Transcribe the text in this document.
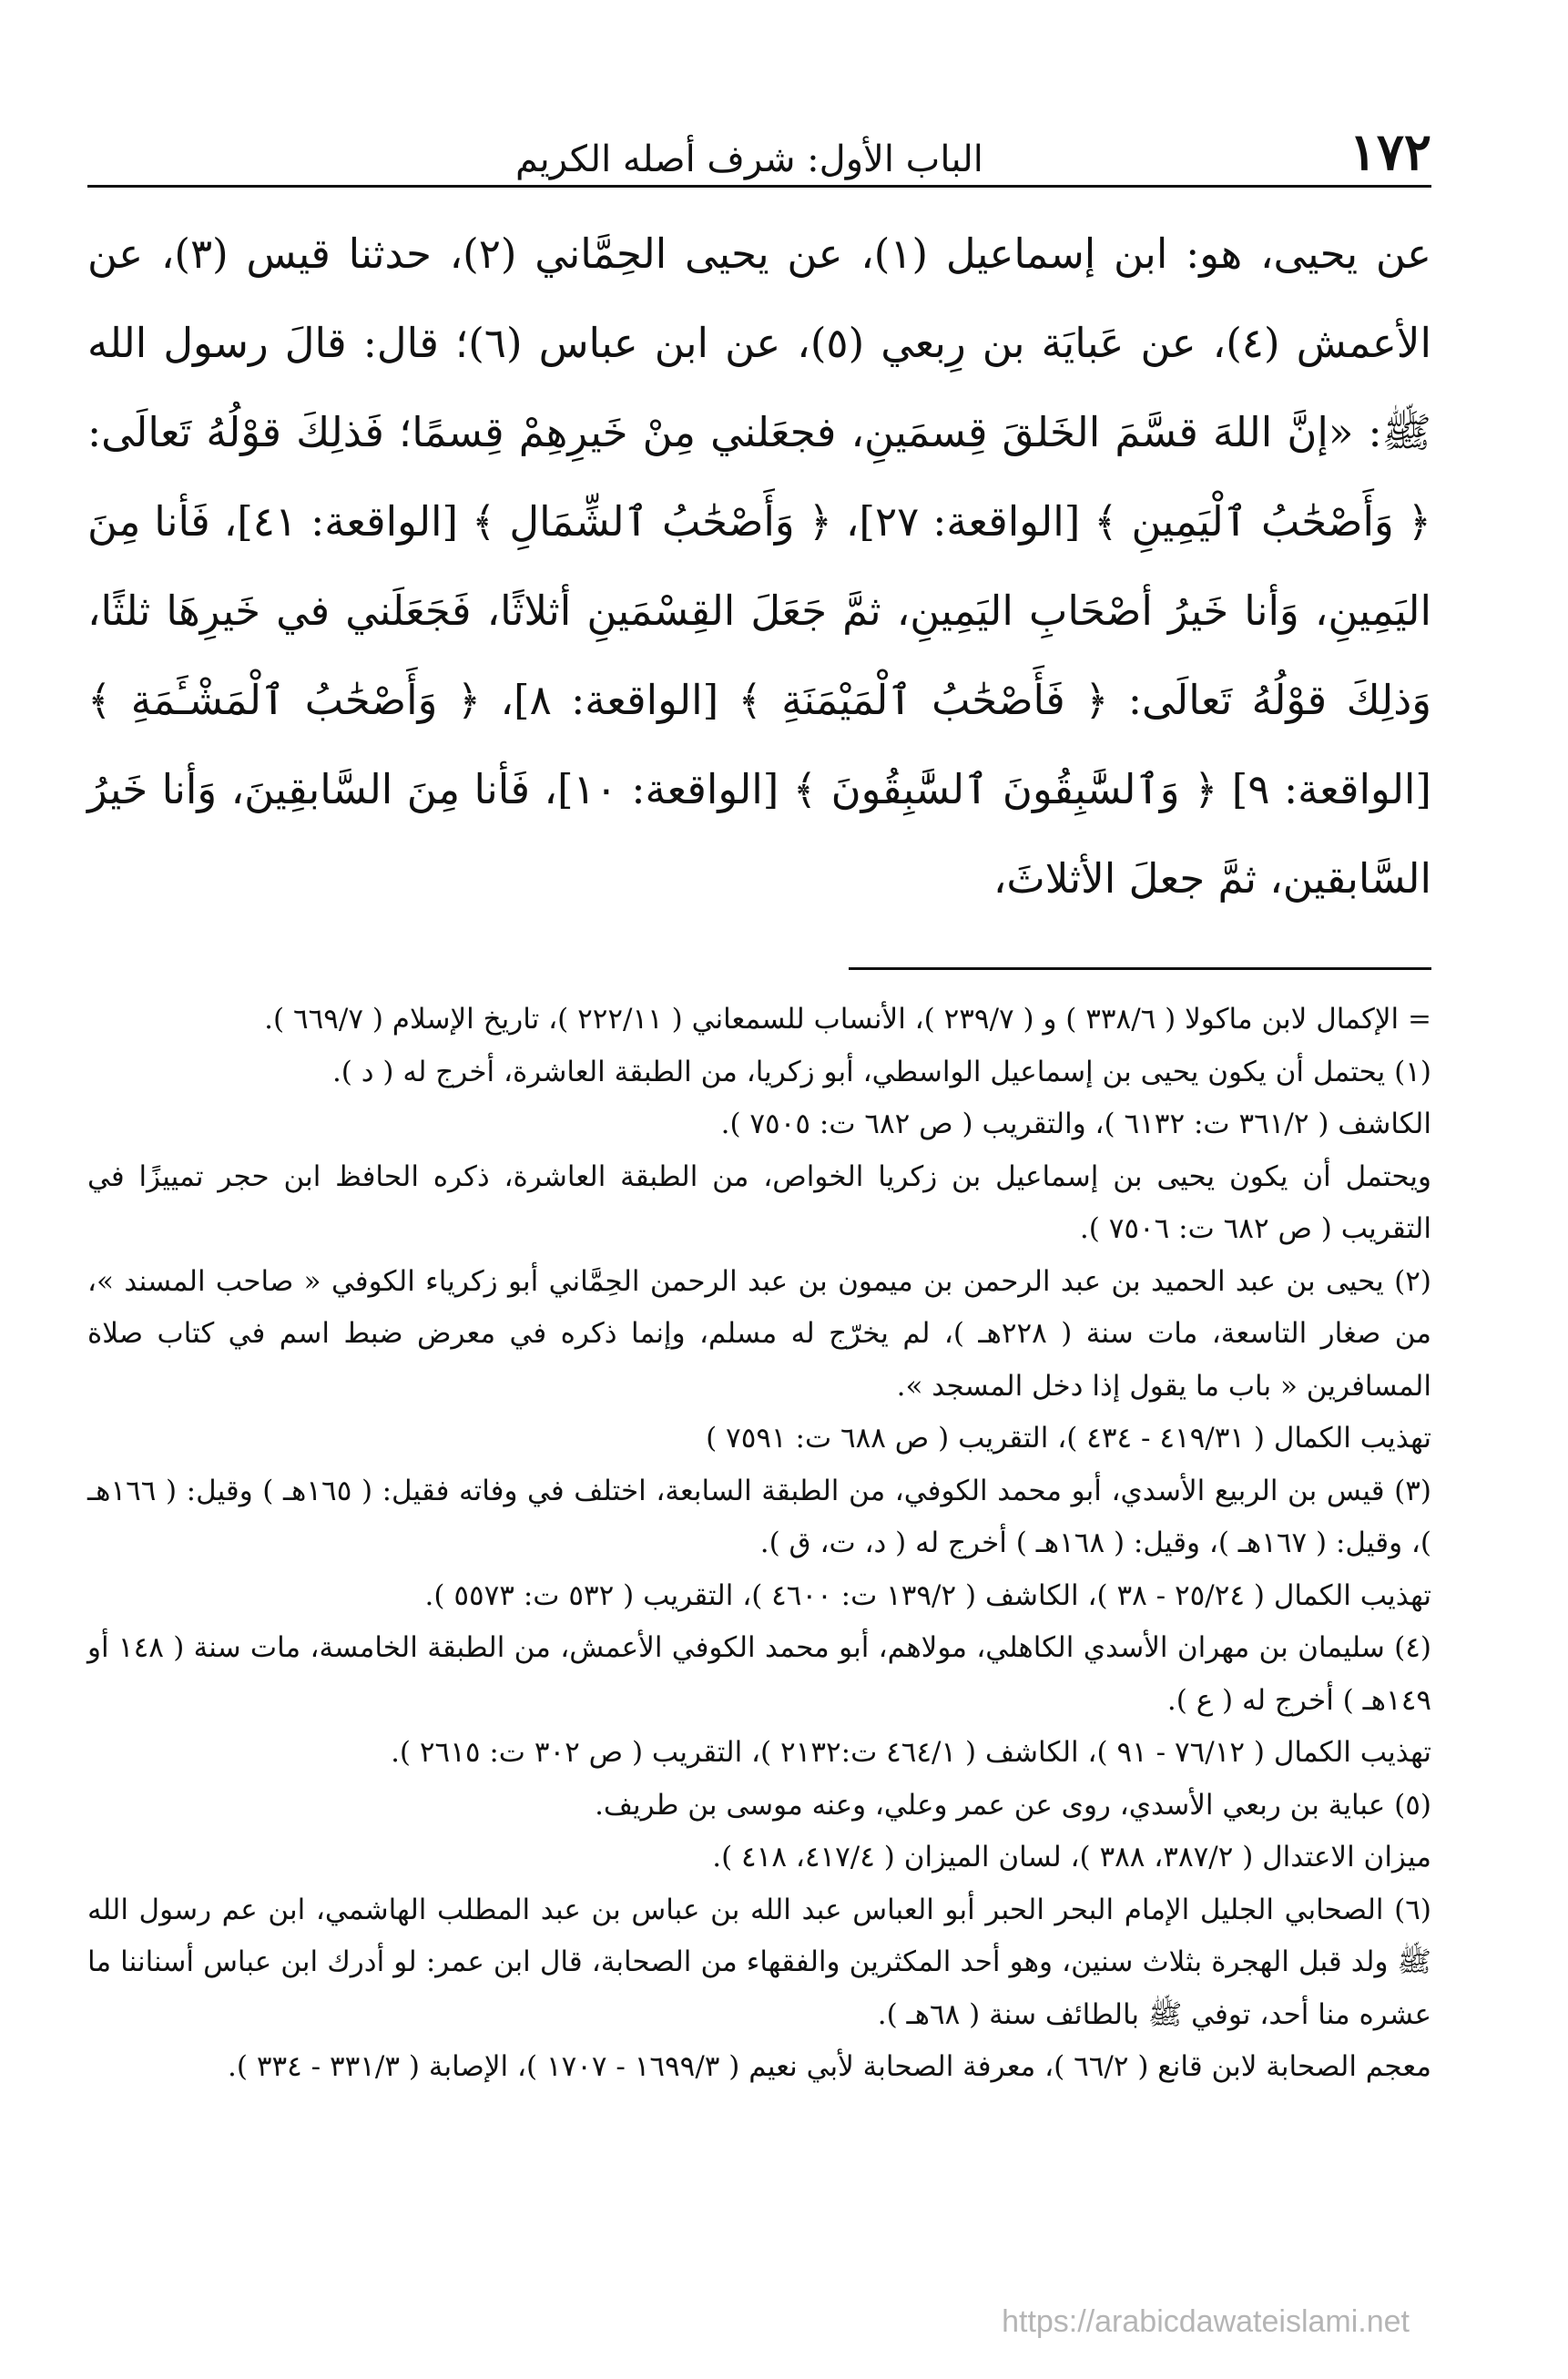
١٧٢
الباب الأول: شرف أصله الكريم
عن يحيى، هو: ابن إسماعيل (١)، عن يحيى الحِمَّاني (٢)، حدثنا قيس (٣)، عن الأعمش (٤)، عن عَبايَة بن رِبعي (٥)، عن ابن عباس (٦)؛ قال: قالَ رسول الله ﷺ: «إنَّ اللهَ قسَّمَ الخَلقَ قِسمَينِ، فجعَلني مِنْ خَيرِهِمْ قِسمًا؛ فَذلِكَ قوْلُهُ تَعالَى: ﴿ وَأَصْحَٰبُ ٱلْيَمِينِ ﴾ [الواقعة: ٢٧]، ﴿ وَأَصْحَٰبُ ٱلشِّمَالِ ﴾ [الواقعة: ٤١]، فَأنا مِنَ اليَمِينِ، وَأنا خَيرُ أصْحَابِ اليَمِينِ، ثمَّ جَعَلَ القِسْمَينِ أثلاثًا، فَجَعَلَني في خَيرِهَا ثلثًا، وَذلِكَ قوْلُهُ تَعالَى: ﴿ فَأَصْحَٰبُ ٱلْمَيْمَنَةِ ﴾ [الواقعة: ٨]، ﴿ وَأَصْحَٰبُ ٱلْمَشْـَٔمَةِ ﴾ [الواقعة: ٩] ﴿ وَٱلسَّٰبِقُونَ ٱلسَّٰبِقُونَ ﴾ [الواقعة: ١٠]، فَأنا مِنَ السَّابقِينَ، وَأنا خَيرُ السَّابقين، ثمَّ جعلَ الأثلاثَ،

= الإكمال لابن ماكولا ( ٣٣٨/٦ ) و ( ٢٣٩/٧ )، الأنساب للسمعاني ( ٢٢٢/١١ )، تاريخ الإسلام ( ٦٦٩/٧ ).

(١) يحتمل أن يكون يحيى بن إسماعيل الواسطي، أبو زكريا، من الطبقة العاشرة، أخرج له ( د ).

الكاشف ( ٣٦١/٢ ت: ٦١٣٢ )، والتقريب ( ص ٦٨٢ ت: ٧٥٠٥ ).

ويحتمل أن يكون يحيى بن إسماعيل بن زكريا الخواص، من الطبقة العاشرة، ذكره الحافظ ابن حجر تمييزًا في التقريب ( ص ٦٨٢ ت: ٧٥٠٦ ).

(٢) يحيى بن عبد الحميد بن عبد الرحمن بن ميمون بن عبد الرحمن الحِمَّاني أبو زكرياء الكوفي « صاحب المسند »، من صغار التاسعة، مات سنة ( ٢٢٨هـ )، لم يخرّج له مسلم، وإنما ذكره في معرض ضبط اسم في كتاب صلاة المسافرين « باب ما يقول إذا دخل المسجد ».

تهذيب الكمال ( ٤١٩/٣١ - ٤٣٤ )، التقريب ( ص ٦٨٨ ت: ٧٥٩١ )

(٣) قيس بن الربيع الأسدي، أبو محمد الكوفي، من الطبقة السابعة، اختلف في وفاته فقيل: ( ١٦٥هـ ) وقيل: ( ١٦٦هـ )، وقيل: ( ١٦٧هـ )، وقيل: ( ١٦٨هـ ) أخرج له ( د، ت، ق ).

تهذيب الكمال ( ٢٥/٢٤ - ٣٨ )، الكاشف ( ١٣٩/٢ ت: ٤٦٠٠ )، التقريب ( ٥٣٢ ت: ٥٥٧٣ ).

(٤) سليمان بن مهران الأسدي الكاهلي، مولاهم، أبو محمد الكوفي الأعمش، من الطبقة الخامسة، مات سنة ( ١٤٨ أو ١٤٩هـ ) أخرج له ( ع ).

تهذيب الكمال ( ٧٦/١٢ - ٩١ )، الكاشف ( ٤٦٤/١ ت:٢١٣٢ )، التقريب ( ص ٣٠٢ ت: ٢٦١٥ ).

(٥) عباية بن ربعي الأسدي، روى عن عمر وعلي، وعنه موسى بن طريف.

ميزان الاعتدال ( ٣٨٧/٢، ٣٨٨ )، لسان الميزان ( ٤١٧/٤، ٤١٨ ).

(٦) الصحابي الجليل الإمام البحر الحبر أبو العباس عبد الله بن عباس بن عبد المطلب الهاشمي، ابن عم رسول الله ﷺ ولد قبل الهجرة بثلاث سنين، وهو أحد المكثرين والفقهاء من الصحابة، قال ابن عمر: لو أدرك ابن عباس أسناننا ما عشره منا أحد، توفي ﷺ بالطائف سنة ( ٦٨هـ ).

معجم الصحابة لابن قانع ( ٦٦/٢ )، معرفة الصحابة لأبي نعيم ( ١٦٩٩/٣ - ١٧٠٧ )، الإصابة ( ٣٣١/٣ - ٣٣٤ ).

https://arabicdawateislami.net
